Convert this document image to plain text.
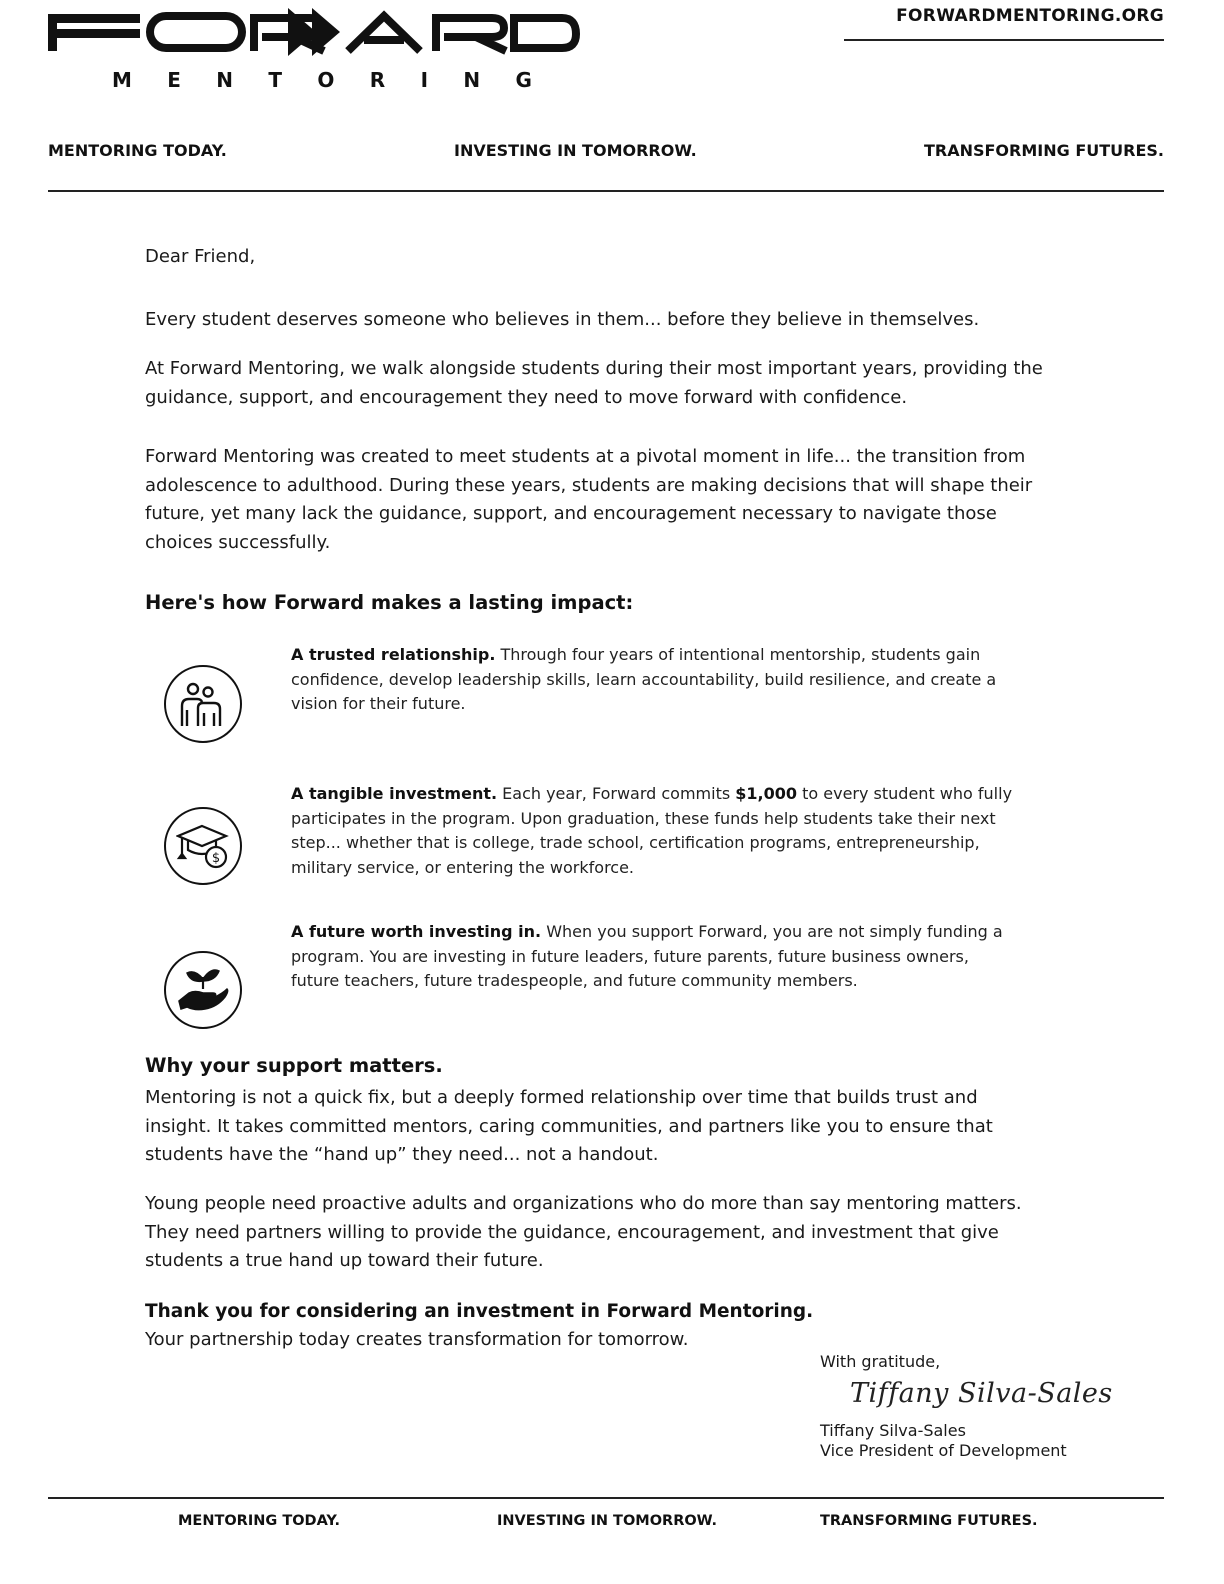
M E N T O R I N G
FORWARDMENTORING.ORG
MENTORING TODAY.	INVESTING IN TOMORROW.	TRANSFORMING FUTURES.
Dear Friend,
Every student deserves someone who believes in them... before they believe in themselves.
At Forward Mentoring, we walk alongside students during their most important years, providing the
guidance, support, and encouragement they need to move forward with confidence.
Forward Mentoring was created to meet students at a pivotal moment in life... the transition from
adolescence to adulthood. During these years, students are making decisions that will shape their
future, yet many lack the guidance, support, and encouragement necessary to navigate those
choices successfully.
Here's how Forward makes a lasting impact:
A trusted relationship. Through four years of intentional mentorship, students gain
confidence, develop leadership skills, learn accountability, build resilience, and create a
vision for their future.
$
A tangible investment. Each year, Forward commits $1,000 to every student who fully
participates in the program. Upon graduation, these funds help students take their next
step... whether that is college, trade school, certification programs, entrepreneurship,
military service, or entering the workforce.
A future worth investing in. When you support Forward, you are not simply funding a
program. You are investing in future leaders, future parents, future business owners,
future teachers, future tradespeople, and future community members.
Why your support matters.
Mentoring is not a quick fix, but a deeply formed relationship over time that builds trust and
insight. It takes committed mentors, caring communities, and partners like you to ensure that
students have the “hand up” they need... not a handout.
Young people need proactive adults and organizations who do more than say mentoring matters.
They need partners willing to provide the guidance, encouragement, and investment that give
students a true hand up toward their future.
Thank you for considering an investment in Forward Mentoring.
Your partnership today creates transformation for tomorrow.
With gratitude,
Tiffany Silva-Sales
Tiffany Silva-Sales
Vice President of Development
MENTORING TODAY.	INVESTING IN TOMORROW.	TRANSFORMING FUTURES.
